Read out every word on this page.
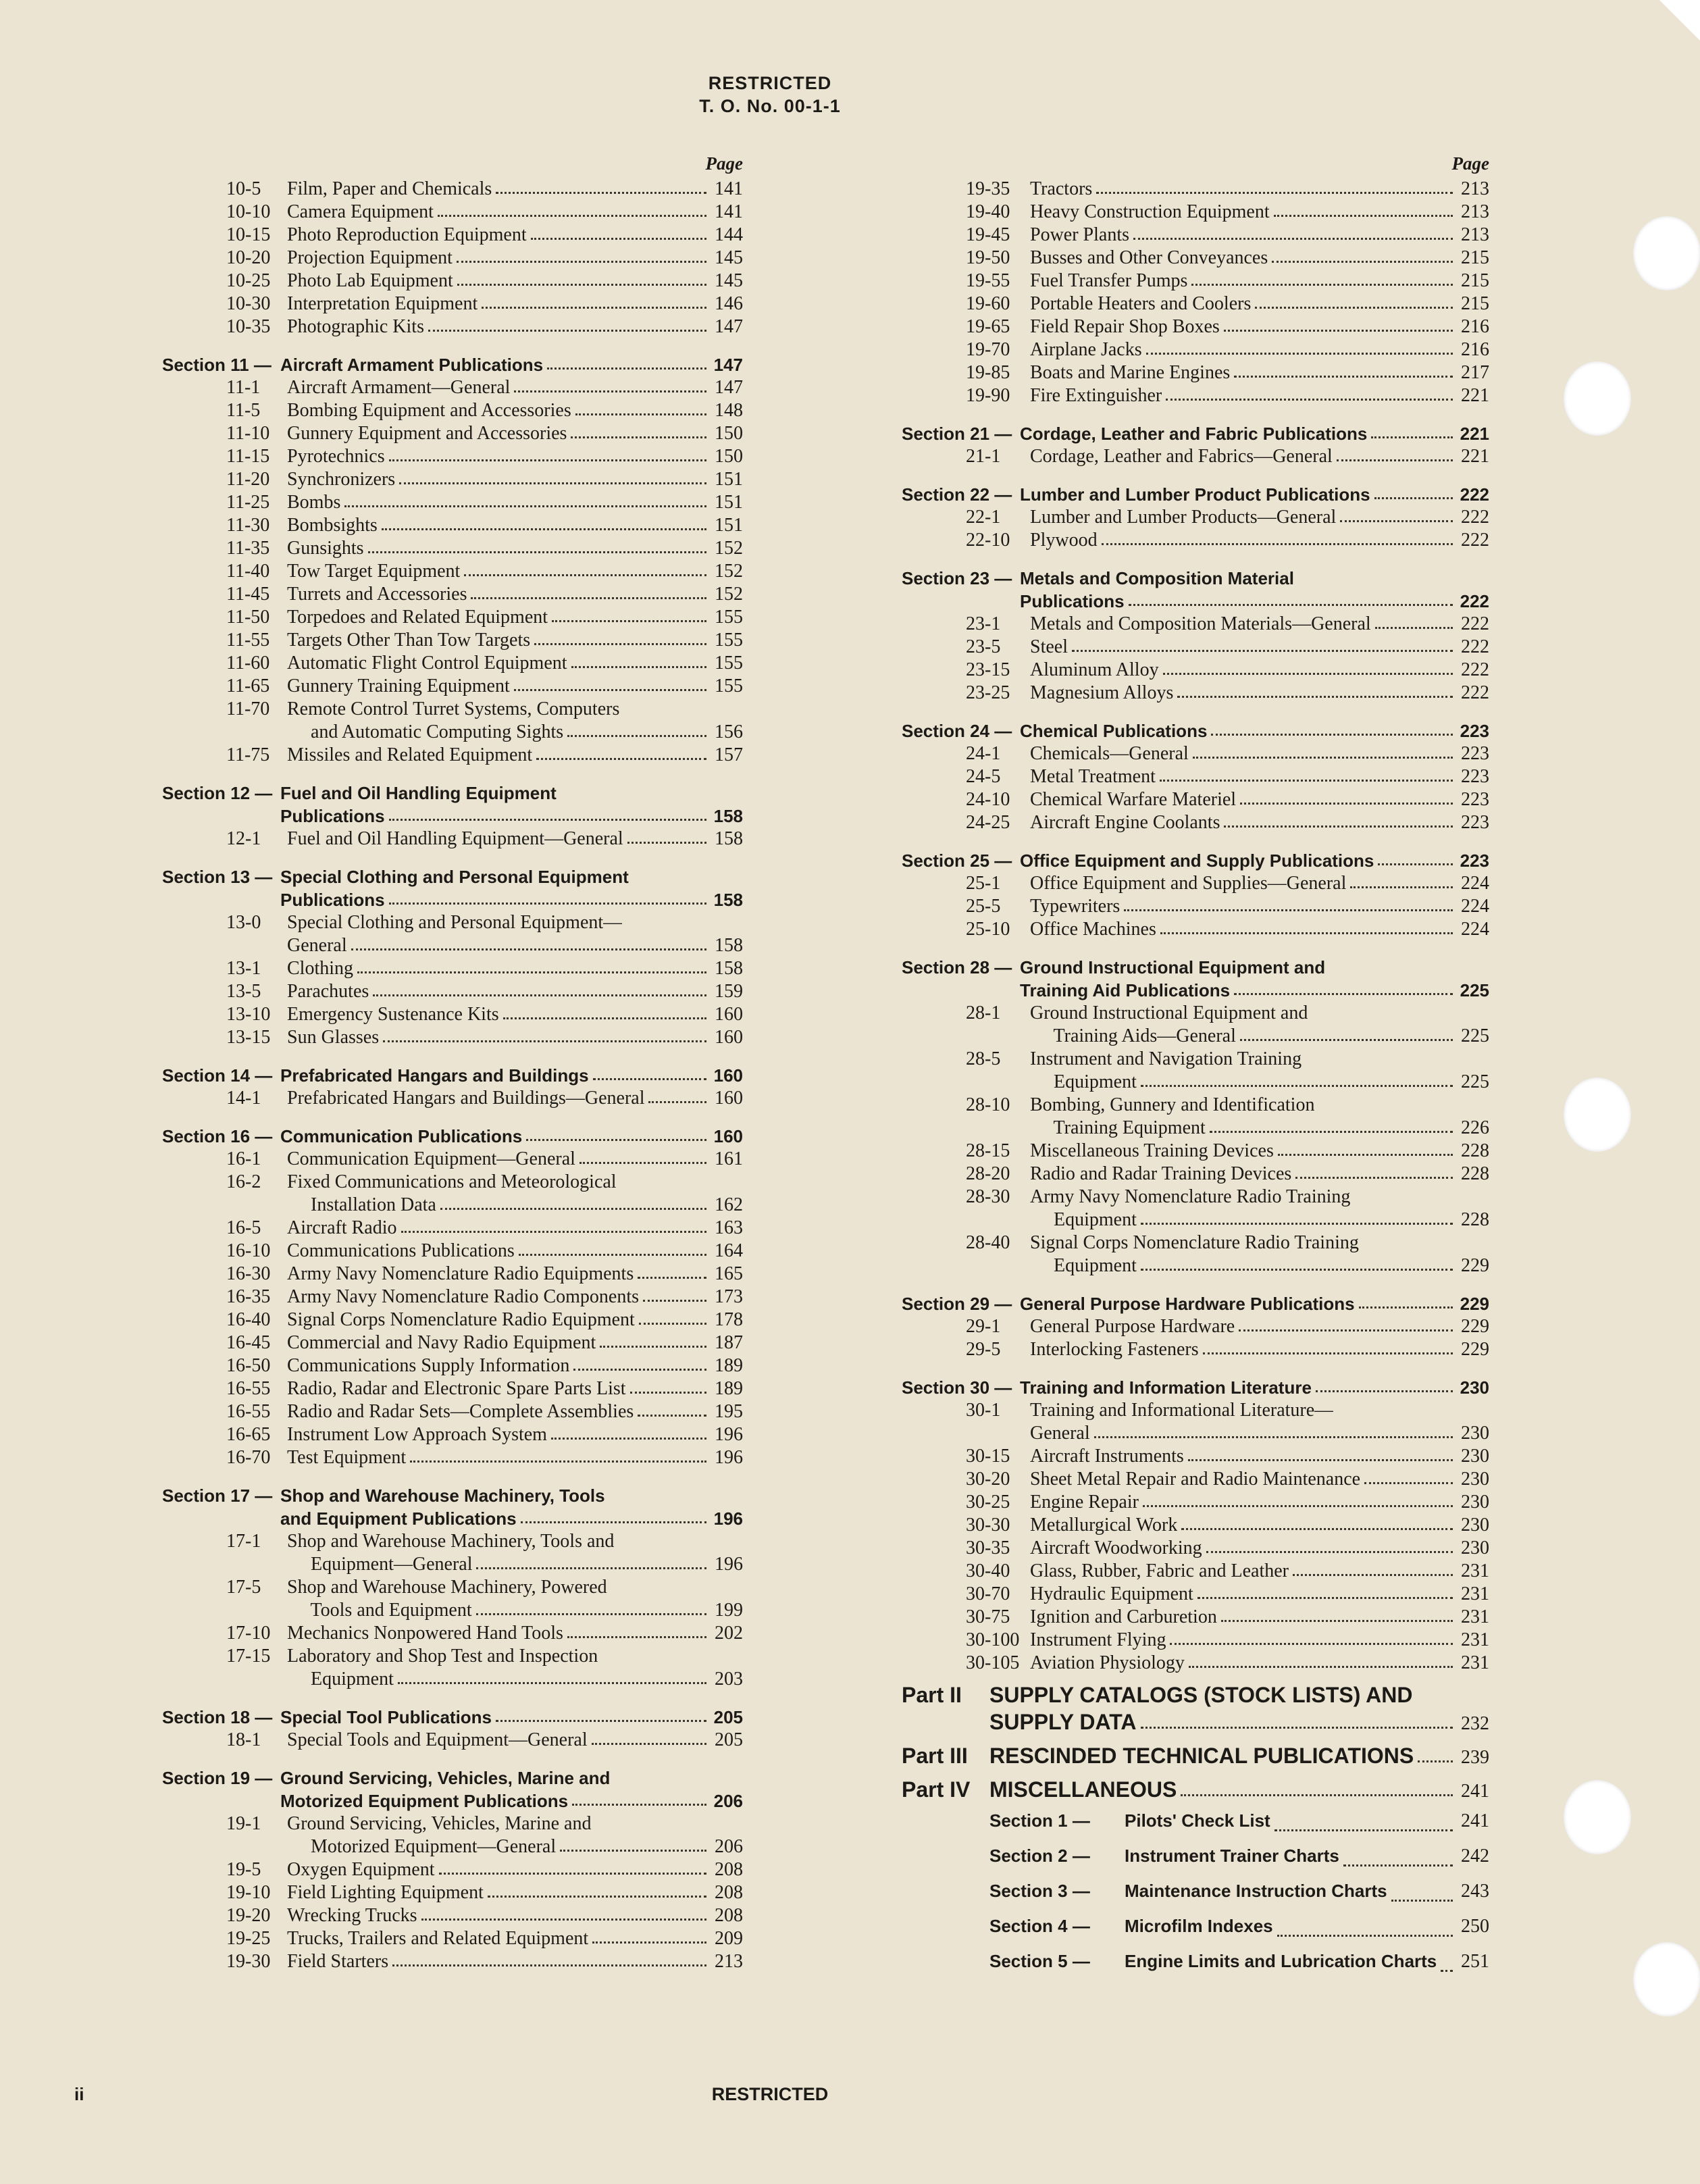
RESTRICTED
T. O. No. 00-1-1
Page
10-5	Film, Paper and Chemicals	141
10-10 Camera Equipment	141
10-15 Photo Reproduction Equipment	144
10-20 Projection Equipment	145
10-25 Photo Lab Equipment	145
10-30 Interpretation Equipment	146
10-35 Photographic Kits	147
Section 11 — Aircraft Armament Publications	147
11-1	Aircraft Armament—General	147
11-5	Bombing Equipment and Accessories	148
11-10 Gunnery Equipment and Accessories	150
11-15 Pyrotechnics	150
11-20 Synchronizers	151
11-25 Bombs	151
11-30 Bombsights	151
11-35 Gunsights	152
11-40 Tow Target Equipment	152
11-45 Turrets and Accessories	152
11-50 Torpedoes and Related Equipment	155
11-55 Targets Other Than Tow Targets	155
11-60 Automatic Flight Control Equipment	155
11-65 Gunnery Training Equipment	155
11-70 Remote Control Turret Systems, Computers
and Automatic Computing Sights	156
11-75 Missiles and Related Equipment	157
Section 12 — Fuel and Oil Handling Equipment
Publications	158
12-1	Fuel and Oil Handling Equipment—General	158
Section 13 — Special Clothing and Personal Equipment
Publications	158
13-0	Special Clothing and Personal Equipment—
General	158
13-1	Clothing	158
13-5	Parachutes	159
13-10 Emergency Sustenance Kits	160
13-15 Sun Glasses	160
Section 14 — Prefabricated Hangars and Buildings	160
14-1	Prefabricated Hangars and Buildings—General	160
Section 16 — Communication Publications	160
16-1	Communication Equipment—General	161
16-2	Fixed Communications and Meteorological
Installation Data	162
16-5	Aircraft Radio	163
16-10 Communications Publications	164
16-30 Army Navy Nomenclature Radio Equipments	165
16-35 Army Navy Nomenclature Radio Components	173
16-40 Signal Corps Nomenclature Radio Equipment	178
16-45 Commercial and Navy Radio Equipment	187
16-50 Communications Supply Information	189
16-55 Radio, Radar and Electronic Spare Parts List	189
16-55 Radio and Radar Sets—Complete Assemblies	195
16-65 Instrument Low Approach System	196
16-70 Test Equipment	196
Section 17 — Shop and Warehouse Machinery, Tools
and Equipment Publications	196
17-1	Shop and Warehouse Machinery, Tools and
Equipment—General	196
17-5	Shop and Warehouse Machinery, Powered
Tools and Equipment	199
17-10 Mechanics Nonpowered Hand Tools	202
17-15 Laboratory and Shop Test and Inspection
Equipment	203
Section 18 — Special Tool Publications	205
18-1	Special Tools and Equipment—General	205
Section 19 — Ground Servicing, Vehicles, Marine and
Motorized Equipment Publications	206
19-1	Ground Servicing, Vehicles, Marine and
Motorized Equipment—General	206
19-5	Oxygen Equipment	208
19-10 Field Lighting Equipment	208
19-20 Wrecking Trucks	208
19-25 Trucks, Trailers and Related Equipment	209
19-30 Field Starters	213
Page
19-35	Tractors	213
19-40	Heavy Construction Equipment	213
19-45	Power Plants	213
19-50	Busses and Other Conveyances	215
19-55	Fuel Transfer Pumps	215
19-60	Portable Heaters and Coolers	215
19-65	Field Repair Shop Boxes	216
19-70	Airplane Jacks	216
19-85	Boats and Marine Engines	217
19-90	Fire Extinguisher	221
Section 21 — Cordage, Leather and Fabric Publications	221
21-1	Cordage, Leather and Fabrics—General	221
Section 22 — Lumber and Lumber Product Publications	222
22-1	Lumber and Lumber Products—General	222
22-10	Plywood	222
Section 23 — Metals and Composition Material
Publications	222
23-1	Metals and Composition Materials—General	222
23-5	Steel	222
23-15	Aluminum Alloy	222
23-25	Magnesium Alloys	222
Section 24 — Chemical Publications	223
24-1	Chemicals—General	223
24-5	Metal Treatment	223
24-10	Chemical Warfare Materiel	223
24-25	Aircraft Engine Coolants	223
Section 25 — Office Equipment and Supply Publications	223
25-1	Office Equipment and Supplies—General	224
25-5	Typewriters	224
25-10	Office Machines	224
Section 28 — Ground Instructional Equipment and
Training Aid Publications	225
28-1	Ground Instructional Equipment and
Training Aids—General	225
28-5	Instrument and Navigation Training
Equipment	225
28-10	Bombing, Gunnery and Identification
Training Equipment	226
28-15	Miscellaneous Training Devices	228
28-20	Radio and Radar Training Devices	228
28-30	Army Navy Nomenclature Radio Training
Equipment	228
28-40	Signal Corps Nomenclature Radio Training
Equipment	229
Section 29 — General Purpose Hardware Publications	229
29-1	General Purpose Hardware	229
29-5	Interlocking Fasteners	229
Section 30 — Training and Information Literature	230
30-1	Training and Informational Literature—
General	230
30-15	Aircraft Instruments	230
30-20	Sheet Metal Repair and Radio Maintenance	230
30-25	Engine Repair	230
30-30	Metallurgical Work	230
30-35	Aircraft Woodworking	230
30-40	Glass, Rubber, Fabric and Leather	231
30-70	Hydraulic Equipment	231
30-75	Ignition and Carburetion	231
30-100 Instrument Flying	231
30-105 Aviation Physiology	231
Part II	SUPPLY CATALOGS (STOCK LISTS) AND
SUPPLY DATA	232
Part III	RESCINDED TECHNICAL PUBLICATIONS 239
Part IV MISCELLANEOUS	241
Section 1 —	Pilots' Check List	241
Section 2 —	Instrument Trainer Charts	242
Section 3 —	Maintenance Instruction Charts	243
Section 4 —	Microfilm Indexes	250
Section 5 —	Engine Limits and Lubrication Charts 251
ii	RESTRICTED
